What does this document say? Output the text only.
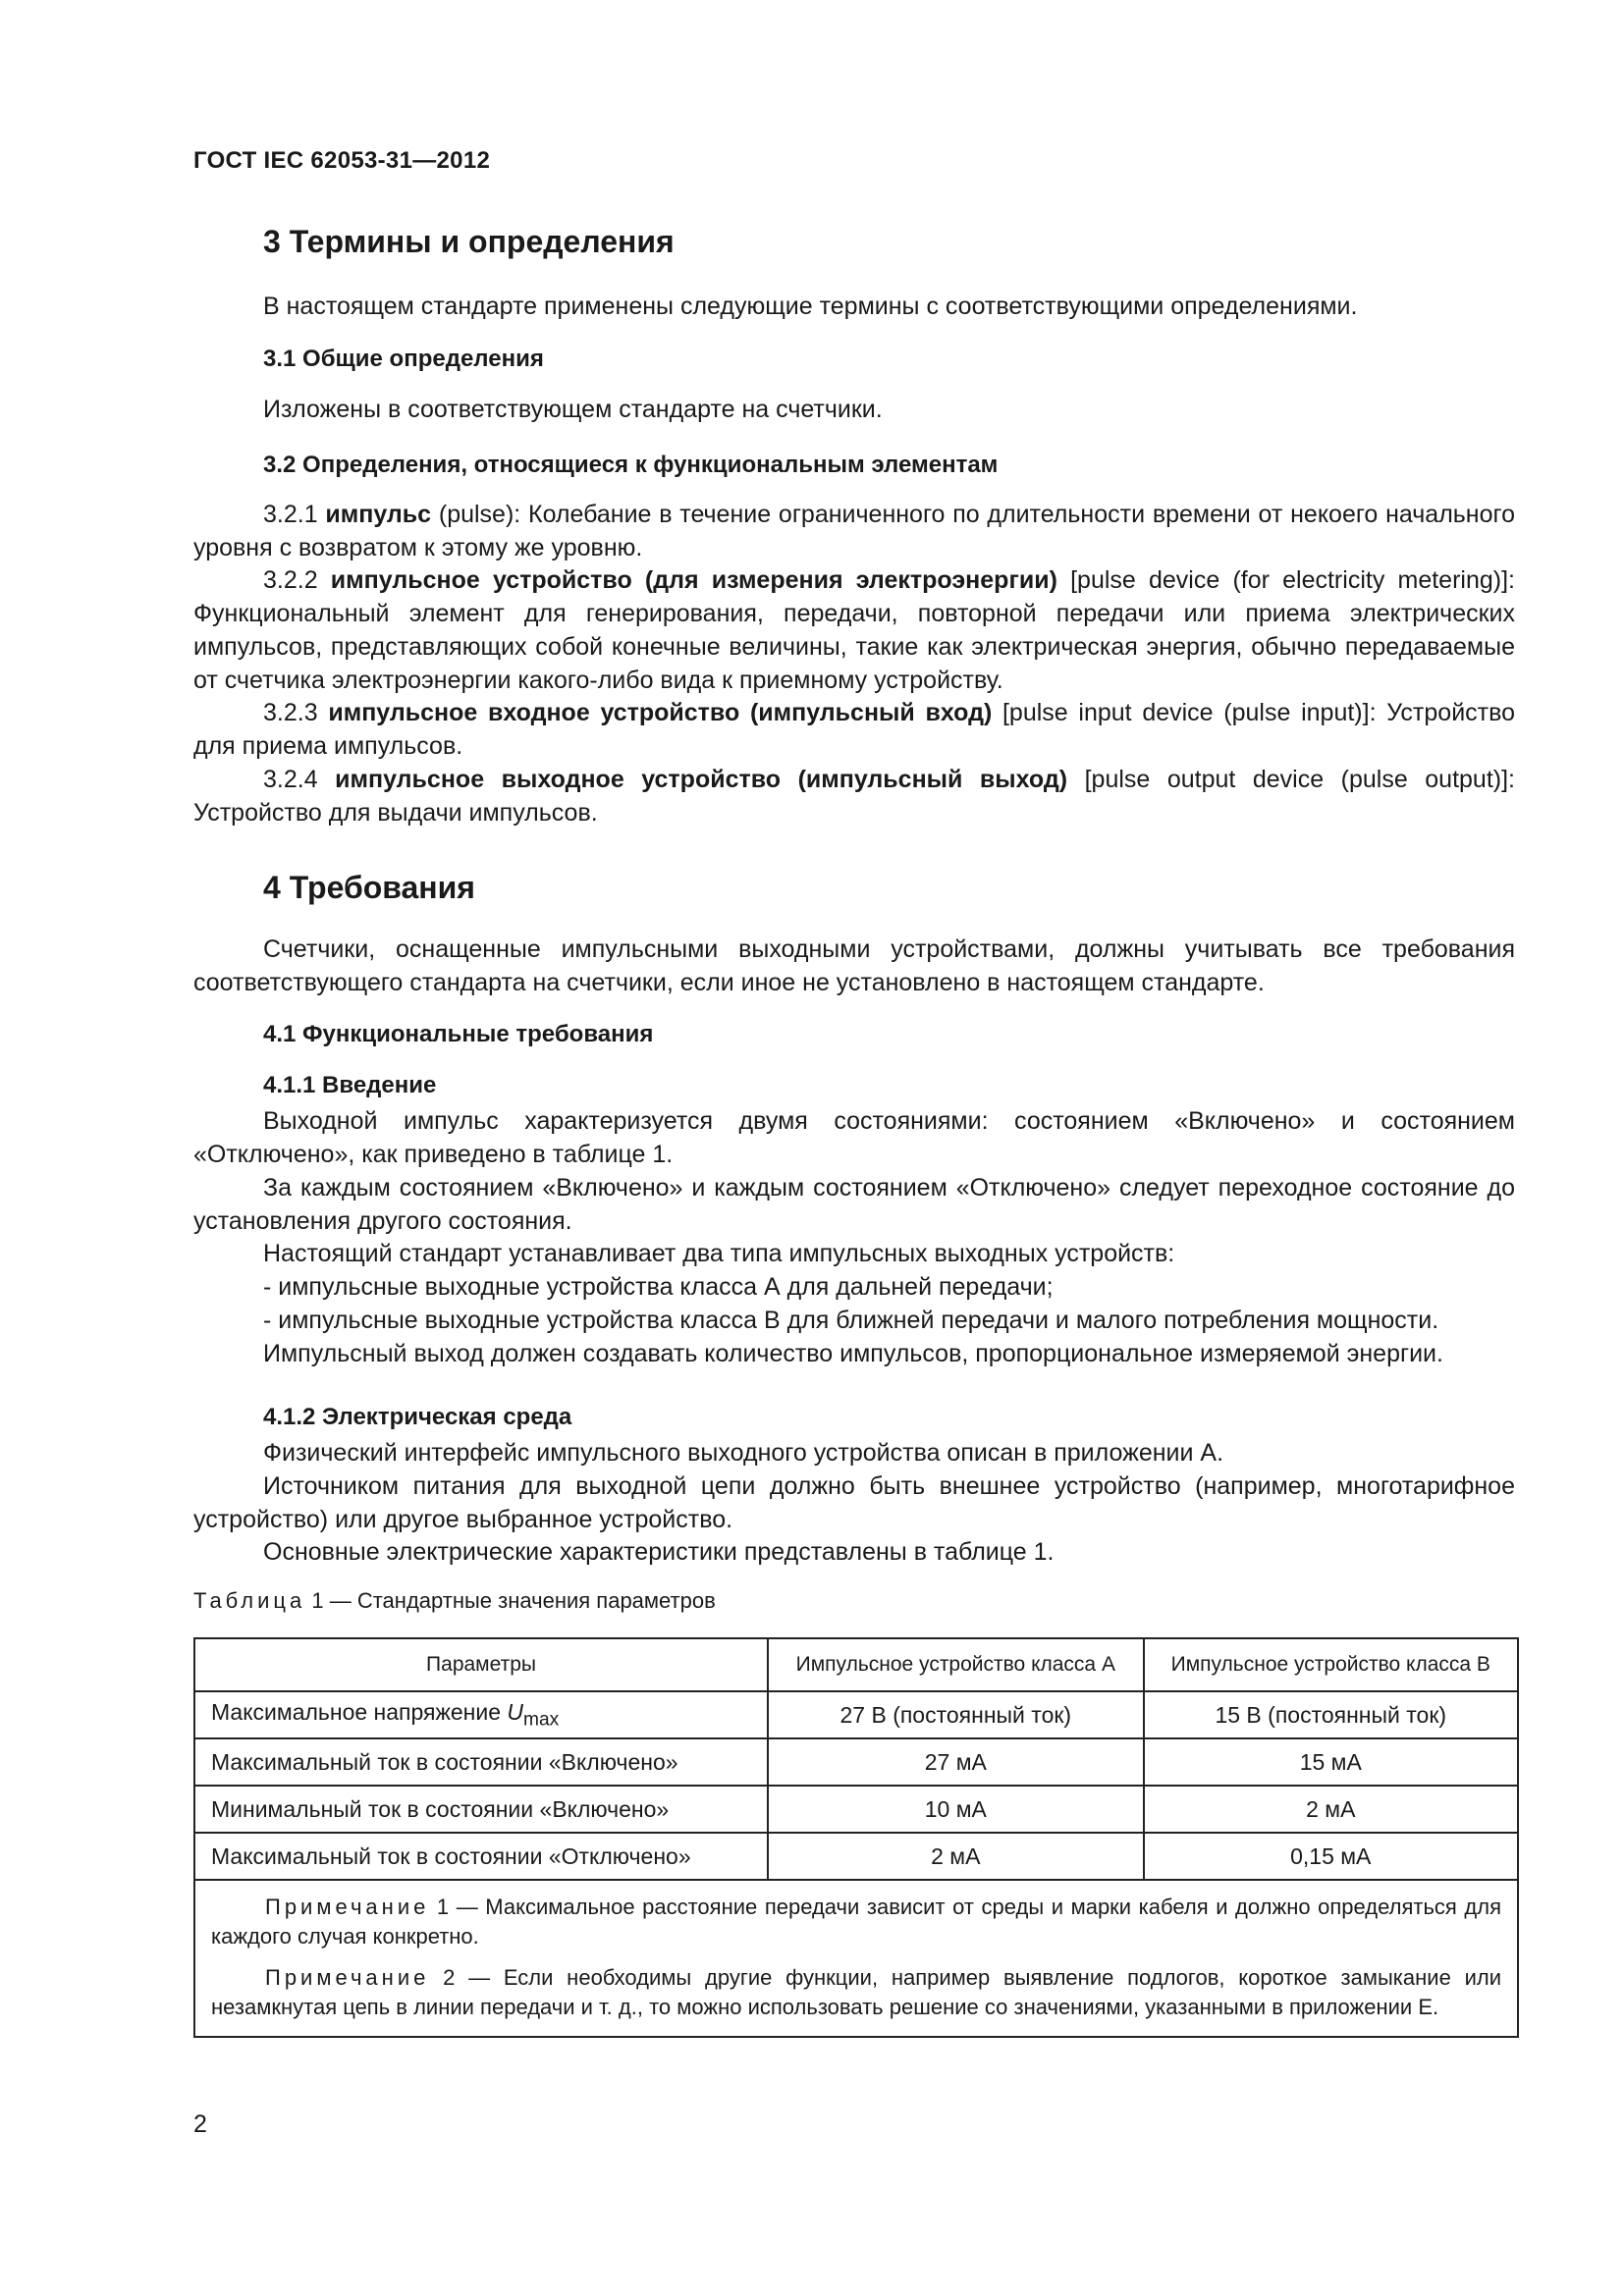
ГОСТ IEC 62053-31—2012
3 Термины и определения

В настоящем стандарте применены следующие термины с соответствующими определениями.

3.1 Общие определения

Изложены в соответствующем стандарте на счетчики.

3.2 Определения, относящиеся к функциональным элементам

3.2.1 импульс (pulse): Колебание в течение ограниченного по длительности времени от некоего начального уровня с возвратом к этому же уровню.

3.2.2 импульсное устройство (для измерения электроэнергии) [pulse device (for electricity metering)]: Функциональный элемент для генерирования, передачи, повторной передачи или приема электрических импульсов, представляющих собой конечные величины, такие как электрическая энергия, обычно передаваемые от счетчика электроэнергии какого-либо вида к приемному устройству.

3.2.3 импульсное входное устройство (импульсный вход) [pulse input device (pulse input)]: Устройство для приема импульсов.

3.2.4 импульсное выходное устройство (импульсный выход) [pulse output device (pulse output)]: Устройство для выдачи импульсов.

4 Требования

Счетчики, оснащенные импульсными выходными устройствами, должны учитывать все требования соответствующего стандарта на счетчики, если иное не установлено в настоящем стандарте.

4.1 Функциональные требования
4.1.1 Введение

Выходной импульс характеризуется двумя состояниями: состоянием «Включено» и состоянием «Отключено», как приведено в таблице 1.

За каждым состоянием «Включено» и каждым состоянием «Отключено» следует переходное состояние до установления другого состояния.

Настоящий стандарт устанавливает два типа импульсных выходных устройств:

- импульсные выходные устройства класса А для дальней передачи;

- импульсные выходные устройства класса В для ближней передачи и малого потребления мощности.

Импульсный выход должен создавать количество импульсов, пропорциональное измеряемой энергии.

4.1.2 Электрическая среда

Физический интерфейс импульсного выходного устройства описан в приложении А.

Источником питания для выходной цепи должно быть внешнее устройство (например, многотарифное устройство) или другое выбранное устройство.

Основные электрические характеристики представлены в таблице 1.

Таблица 1 — Стандартные значения параметров
Параметры	Импульсное устройство класса А	Импульсное устройство класса В
Максимальное напряжение $U_{max}$	27 В (постоянный ток)	15 В (постоянный ток)
Максимальный ток в состоянии «Включено»	27 мА	15 мА
Минимальный ток в состоянии «Включено»	10 мА	2 мА
Максимальный ток в состоянии «Отключено»	2 мА	0,15 мА

Примечание 1 — Максимальное расстояние передачи зависит от среды и марки кабеля и должно определяться для каждого случая конкретно.

Примечание 2 — Если необходимы другие функции, например выявление подлогов, короткое замыкание или незамкнутая цепь в линии передачи и т. д., то можно использовать решение со значениями, указанными в приложении Е.		

2
